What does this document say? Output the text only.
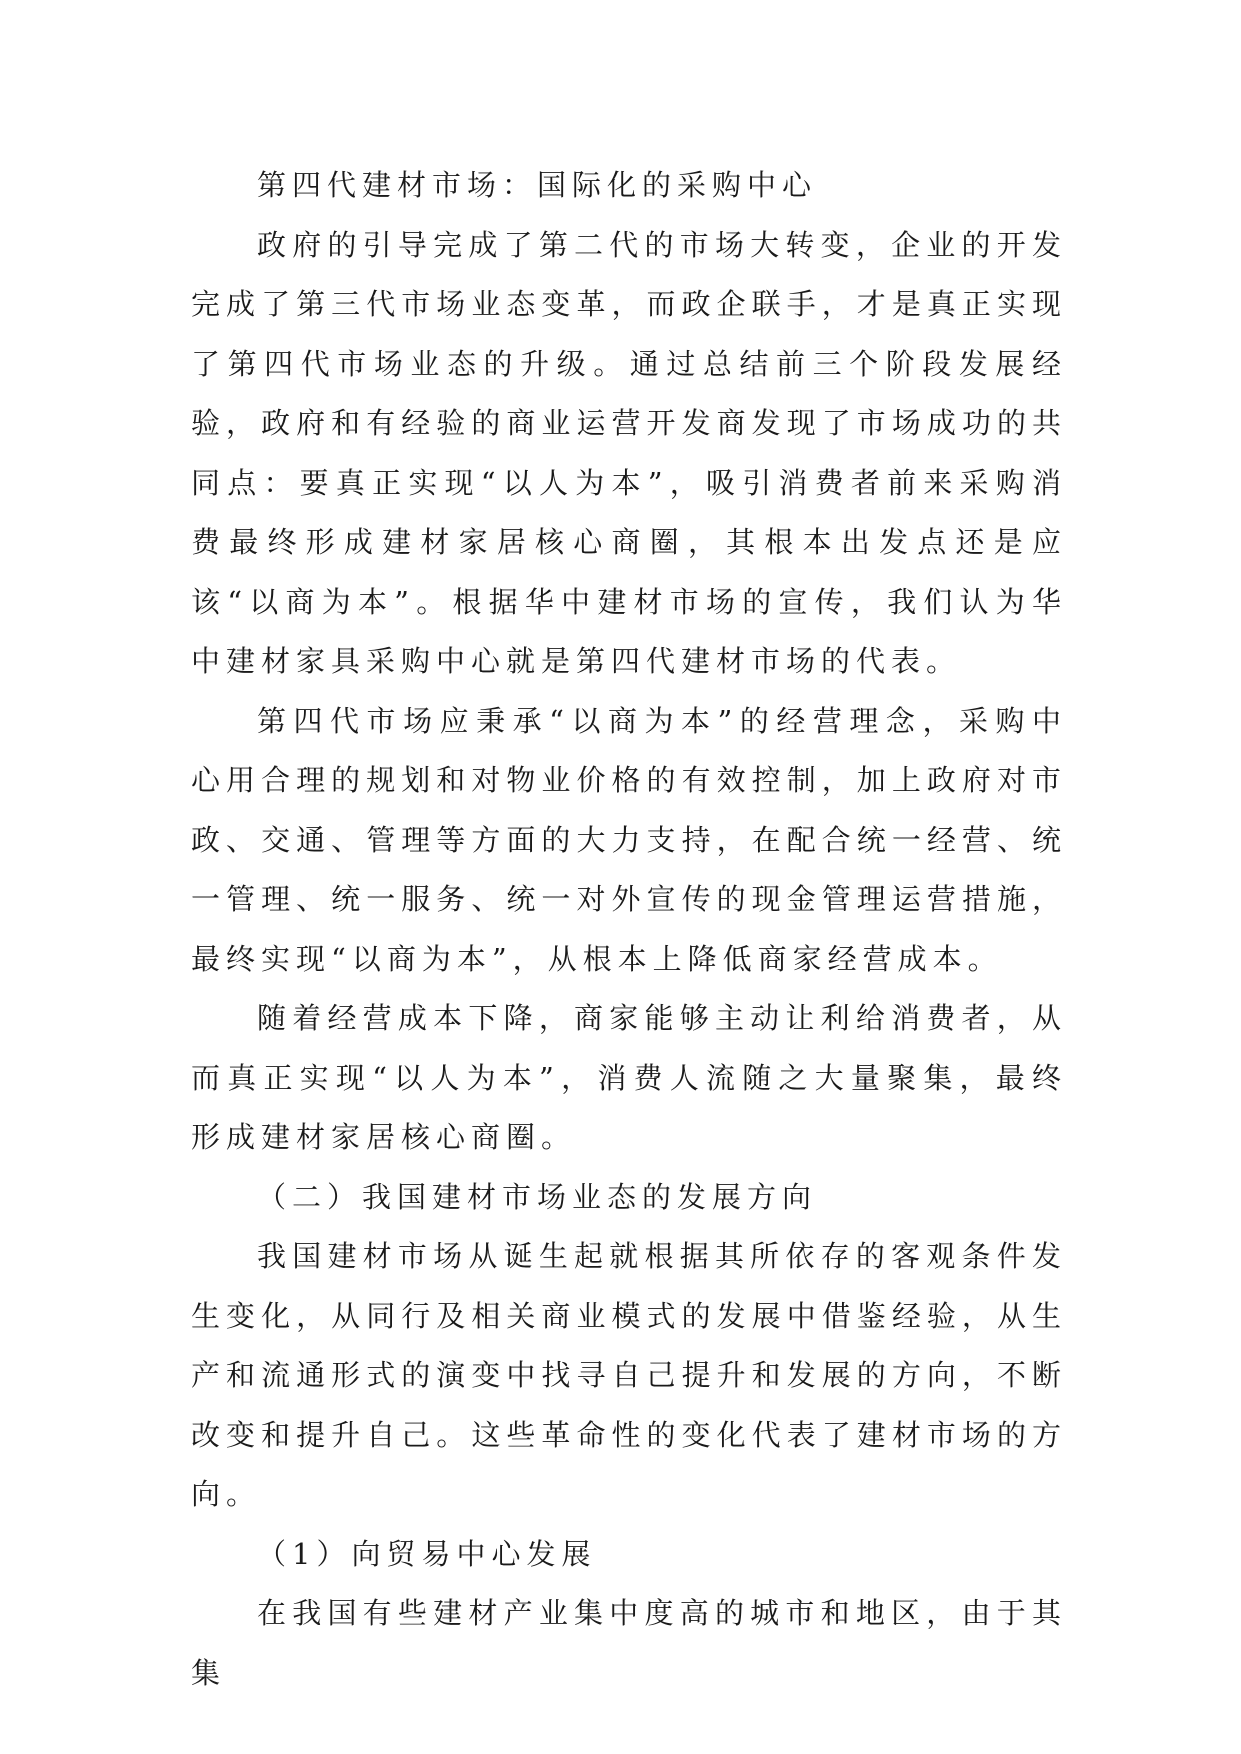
第四代建材市场：国际化的采购中心

政府的引导完成了第二代的市场大转变，企业的开发完成了第三代市场业态变革，而政企联手，才是真正实现了第四代市场业态的升级。通过总结前三个阶段发展经验，政府和有经验的商业运营开发商发现了市场成功的共同点：要真正实现“以人为本”，吸引消费者前来采购消费最终形成建材家居核心商圈，其根本出发点还是应该“以商为本”。根据华中建材市场的宣传，我们认为华中建材家具采购中心就是第四代建材市场的代表。

第四代市场应秉承“以商为本”的经营理念，采购中心用合理的规划和对物业价格的有效控制，加上政府对市政、交通、管理等方面的大力支持，在配合统一经营、统一管理、统一服务、统一对外宣传的现金管理运营措施，最终实现“以商为本”，从根本上降低商家经营成本。

随着经营成本下降，商家能够主动让利给消费者，从而真正实现“以人为本”，消费人流随之大量聚集，最终形成建材家居核心商圈。

（二）我国建材市场业态的发展方向

我国建材市场从诞生起就根据其所依存的客观条件发生变化，从同行及相关商业模式的发展中借鉴经验，从生产和流通形式的演变中找寻自己提升和发展的方向，不断改变和提升自己。这些革命性的变化代表了建材市场的方向。

（1）向贸易中心发展

在我国有些建材产业集中度高的城市和地区，由于其集
